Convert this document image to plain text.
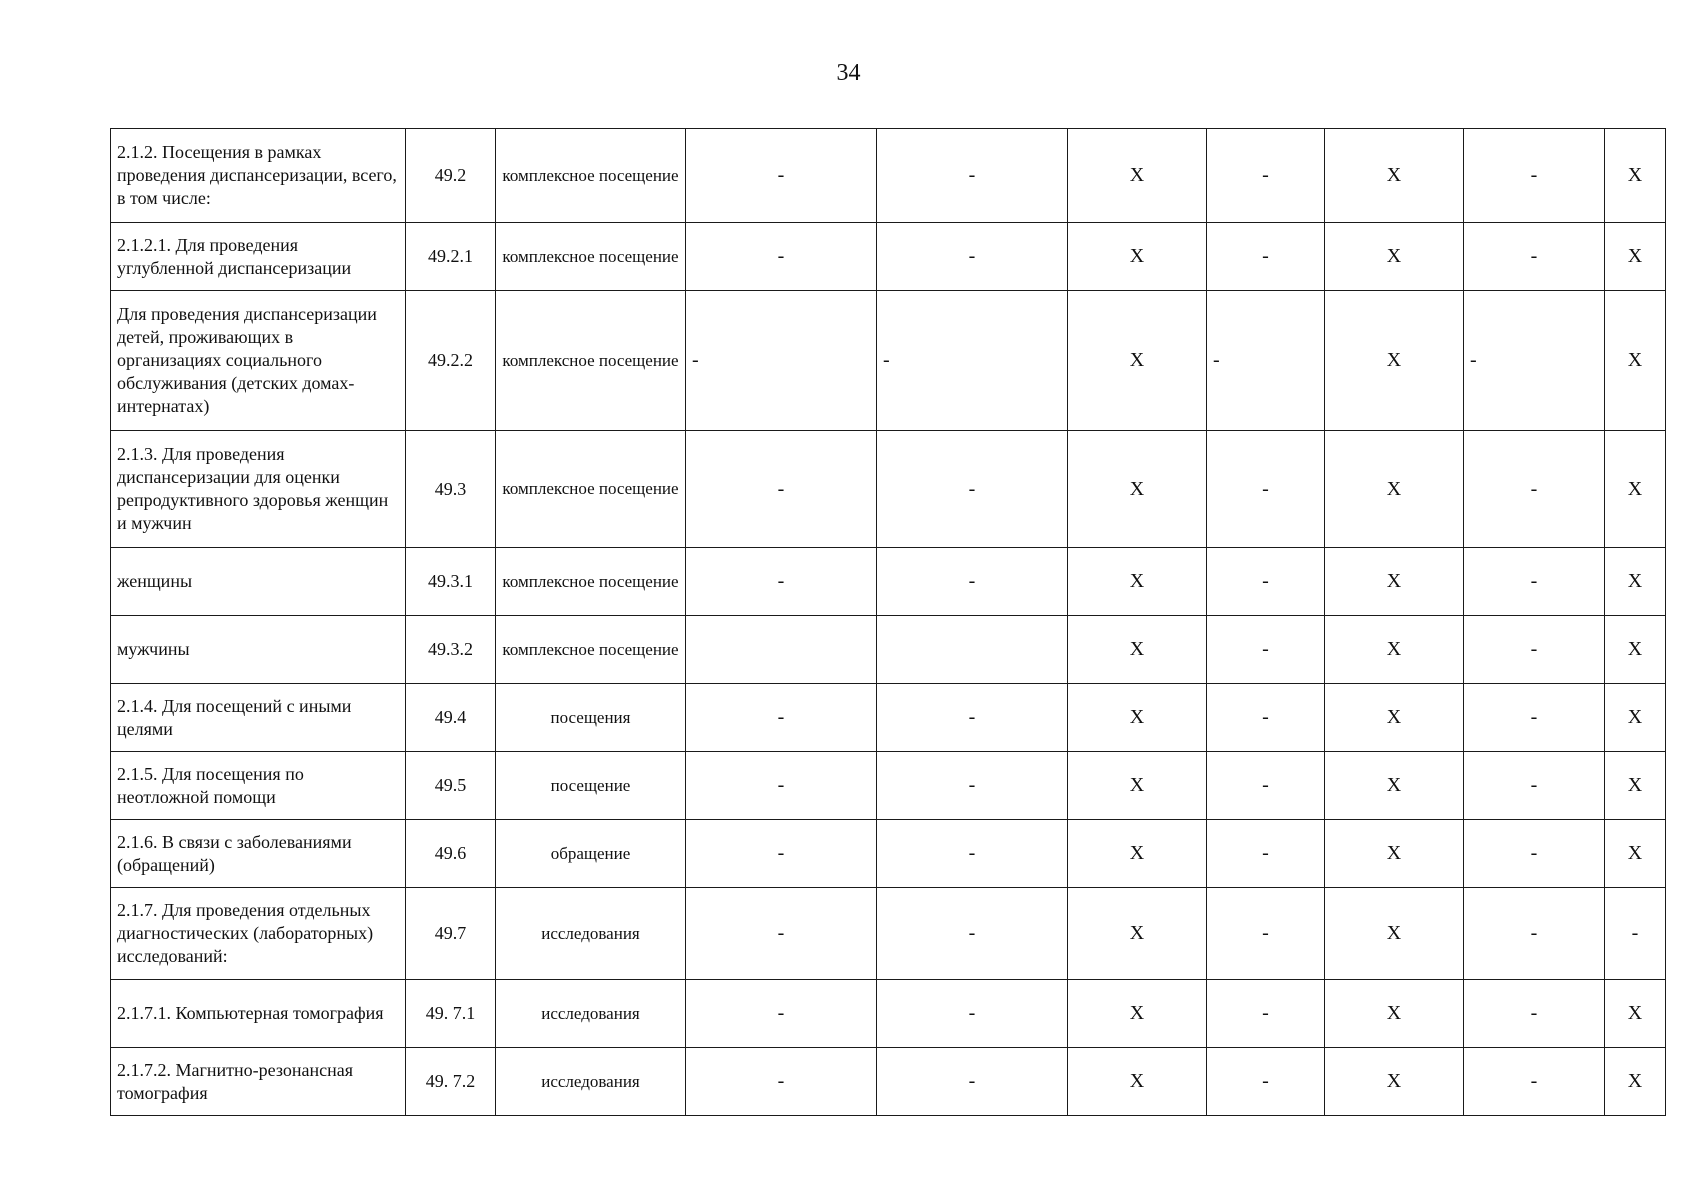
34
2.1.2. Посещения в рамках проведения диспансеризации, всего, в том числе:	49.2	комплексное посещение	-	-	X	-	X	-	X
2.1.2.1. Для проведения углубленной диспансеризации	49.2.1	комплексное посещение	-	-	X	-	X	-	X
Для проведения диспансеризации детей, проживающих в организациях социального обслуживания (детских домах-интернатах)	49.2.2	комплексное посещение	-	-	X	-	X	-	X
2.1.3. Для проведения диспансеризации для оценки репродуктивного здоровья женщин и мужчин	49.3	комплексное посещение	-	-	X	-	X	-	X
женщины	49.3.1	комплексное посещение	-	-	X	-	X	-	X
мужчины	49.3.2	комплексное посещение			X	-	X	-	X
2.1.4. Для посещений с иными целями	49.4	посещения	-	-	X	-	X	-	X
2.1.5. Для посещения по неотложной помощи	49.5	посещение	-	-	X	-	X	-	X
2.1.6. В связи с заболеваниями (обращений)	49.6	обращение	-	-	X	-	X	-	X
2.1.7. Для проведения отдельных диагностических (лабораторных) исследований:	49.7	исследования	-	-	X	-	X	-	-
2.1.7.1. Компьютерная томография	49. 7.1	исследования	-	-	X	-	X	-	X
2.1.7.2. Магнитно-резонансная томография	49. 7.2	исследования	-	-	X	-	X	-	X
